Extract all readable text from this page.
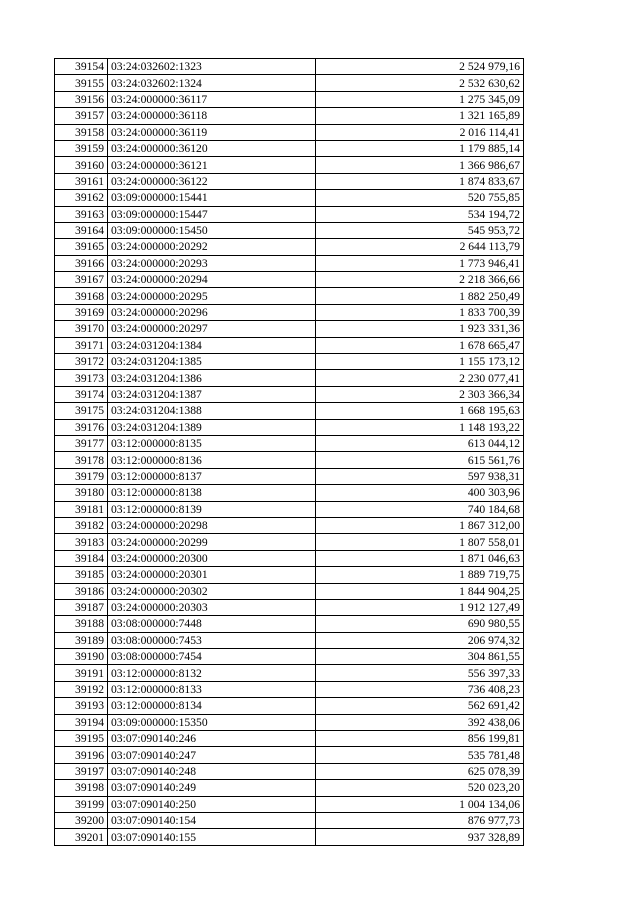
39154	03:24:032602:1323	2 524 979,16
39155	03:24:032602:1324	2 532 630,62
39156	03:24:000000:36117	1 275 345,09
39157	03:24:000000:36118	1 321 165,89
39158	03:24:000000:36119	2 016 114,41
39159	03:24:000000:36120	1 179 885,14
39160	03:24:000000:36121	1 366 986,67
39161	03:24:000000:36122	1 874 833,67
39162	03:09:000000:15441	520 755,85
39163	03:09:000000:15447	534 194,72
39164	03:09:000000:15450	545 953,72
39165	03:24:000000:20292	2 644 113,79
39166	03:24:000000:20293	1 773 946,41
39167	03:24:000000:20294	2 218 366,66
39168	03:24:000000:20295	1 882 250,49
39169	03:24:000000:20296	1 833 700,39
39170	03:24:000000:20297	1 923 331,36
39171	03:24:031204:1384	1 678 665,47
39172	03:24:031204:1385	1 155 173,12
39173	03:24:031204:1386	2 230 077,41
39174	03:24:031204:1387	2 303 366,34
39175	03:24:031204:1388	1 668 195,63
39176	03:24:031204:1389	1 148 193,22
39177	03:12:000000:8135	613 044,12
39178	03:12:000000:8136	615 561,76
39179	03:12:000000:8137	597 938,31
39180	03:12:000000:8138	400 303,96
39181	03:12:000000:8139	740 184,68
39182	03:24:000000:20298	1 867 312,00
39183	03:24:000000:20299	1 807 558,01
39184	03:24:000000:20300	1 871 046,63
39185	03:24:000000:20301	1 889 719,75
39186	03:24:000000:20302	1 844 904,25
39187	03:24:000000:20303	1 912 127,49
39188	03:08:000000:7448	690 980,55
39189	03:08:000000:7453	206 974,32
39190	03:08:000000:7454	304 861,55
39191	03:12:000000:8132	556 397,33
39192	03:12:000000:8133	736 408,23
39193	03:12:000000:8134	562 691,42
39194	03:09:000000:15350	392 438,06
39195	03:07:090140:246	856 199,81
39196	03:07:090140:247	535 781,48
39197	03:07:090140:248	625 078,39
39198	03:07:090140:249	520 023,20
39199	03:07:090140:250	1 004 134,06
39200	03:07:090140:154	876 977,73
39201	03:07:090140:155	937 328,89
